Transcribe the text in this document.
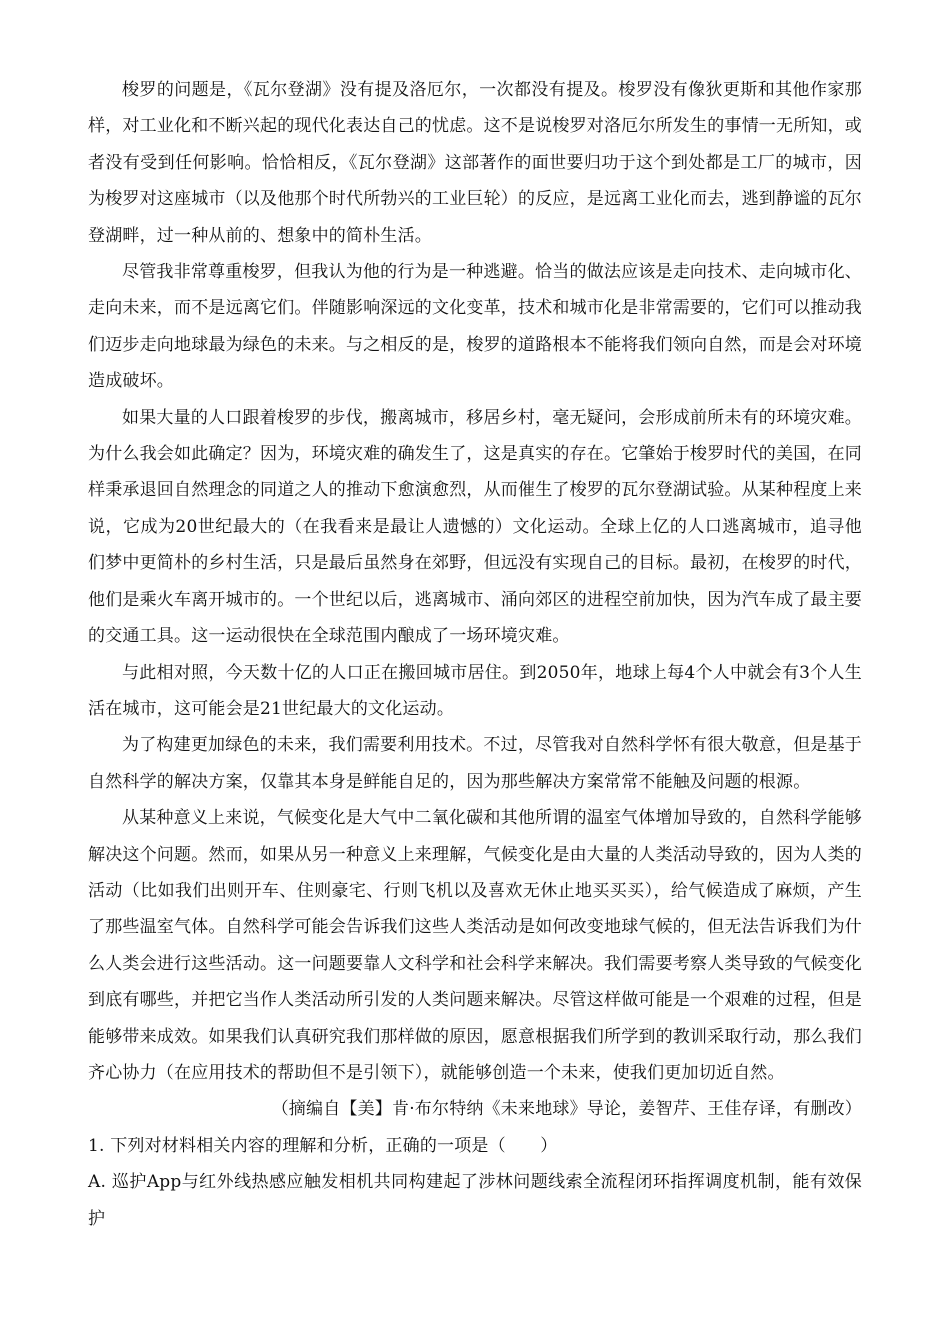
梭罗的问题是，《瓦尔登湖》没有提及洛厄尔，一次都没有提及。梭罗没有像狄更斯和其他作家那样，对工业化和不断兴起的现代化表达自己的忧虑。这不是说梭罗对洛厄尔所发生的事情一无所知，或者没有受到任何影响。恰恰相反，《瓦尔登湖》这部著作的面世要归功于这个到处都是工厂的城市，因为梭罗对这座城市（以及他那个时代所勃兴的工业巨轮）的反应，是远离工业化而去，逃到静谧的瓦尔登湖畔，过一种从前的、想象中的简朴生活。

尽管我非常尊重梭罗，但我认为他的行为是一种逃避。恰当的做法应该是走向技术、走向城市化、走向未来，而不是远离它们。伴随影响深远的文化变革，技术和城市化是非常需要的，它们可以推动我们迈步走向地球最为绿色的未来。与之相反的是，梭罗的道路根本不能将我们领向自然，而是会对环境造成破坏。

如果大量的人口跟着梭罗的步伐，搬离城市，移居乡村，毫无疑问，会形成前所未有的环境灾难。为什么我会如此确定？因为，环境灾难的确发生了，这是真实的存在。它肇始于梭罗时代的美国，在同样秉承退回自然理念的同道之人的推动下愈演愈烈，从而催生了梭罗的瓦尔登湖试验。从某种程度上来说，它成为20世纪最大的（在我看来是最让人遗憾的）文化运动。全球上亿的人口逃离城市，追寻他们梦中更简朴的乡村生活，只是最后虽然身在郊野，但远没有实现自己的目标。最初，在梭罗的时代，他们是乘火车离开城市的。一个世纪以后，逃离城市、涌向郊区的进程空前加快，因为汽车成了最主要的交通工具。这一运动很快在全球范围内酿成了一场环境灾难。

与此相对照，今天数十亿的人口正在搬回城市居住。到2050年，地球上每4个人中就会有3个人生活在城市，这可能会是21世纪最大的文化运动。

为了构建更加绿色的未来，我们需要利用技术。不过，尽管我对自然科学怀有很大敬意，但是基于自然科学的解决方案，仅靠其本身是鲜能自足的，因为那些解决方案常常不能触及问题的根源。

从某种意义上来说，气候变化是大气中二氧化碳和其他所谓的温室气体增加导致的，自然科学能够解决这个问题。然而，如果从另一种意义上来理解，气候变化是由大量的人类活动导致的，因为人类的活动（比如我们出则开车、住则豪宅、行则飞机以及喜欢无休止地买买买），给气候造成了麻烦，产生了那些温室气体。自然科学可能会告诉我们这些人类活动是如何改变地球气候的，但无法告诉我们为什么人类会进行这些活动。这一问题要靠人文科学和社会科学来解决。我们需要考察人类导致的气候变化到底有哪些，并把它当作人类活动所引发的人类问题来解决。尽管这样做可能是一个艰难的过程，但是能够带来成效。如果我们认真研究我们那样做的原因，愿意根据我们所学到的教训采取行动，那么我们齐心协力（在应用技术的帮助但不是引领下），就能够创造一个未来，使我们更加切近自然。

（摘编自【美】肯·布尔特纳《未来地球》导论，姜智芹、王佳存译，有删改）

1. 下列对材料相关内容的理解和分析，正确的一项是（　　）

A. 巡护App与红外线热感应触发相机共同构建起了涉林问题线索全流程闭环指挥调度机制，能有效保护
